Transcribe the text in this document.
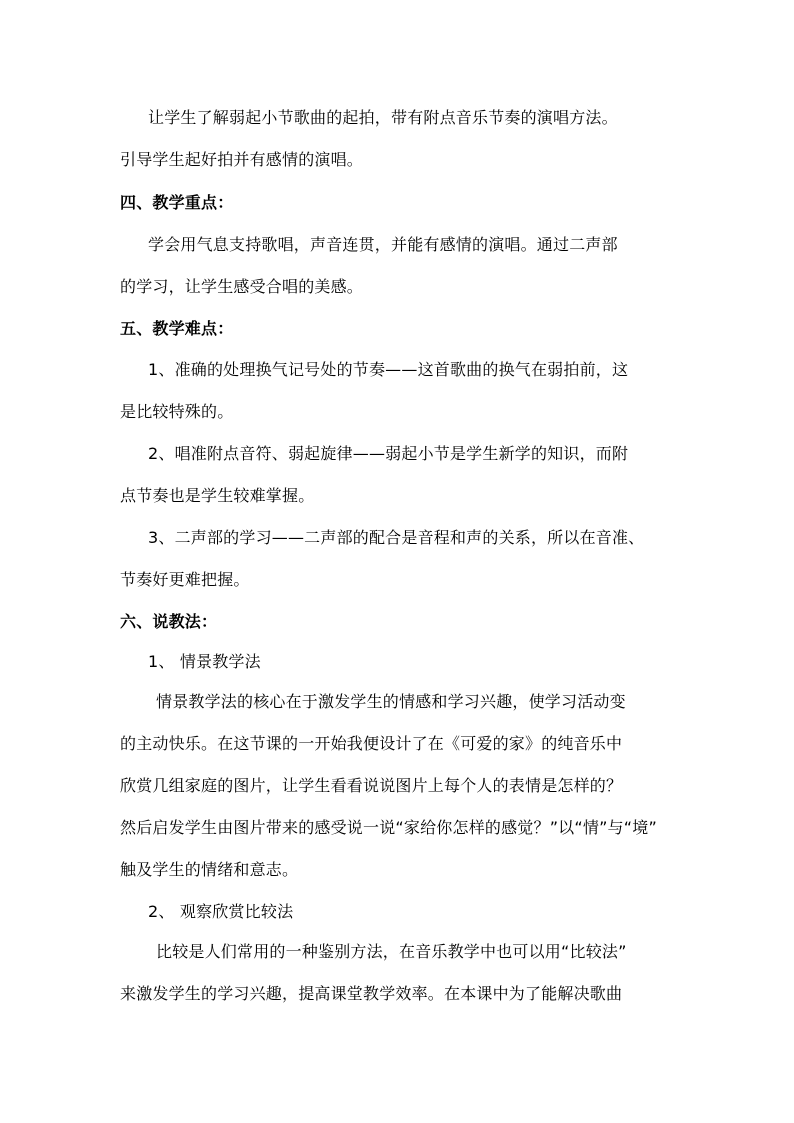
让学生了解弱起小节歌曲的起拍，带有附点音乐节奏的演唱方法。
引导学生起好拍并有感情的演唱。
四、教学重点：
学会用气息支持歌唱，声音连贯，并能有感情的演唱。通过二声部
的学习，让学生感受合唱的美感。
五、教学难点：
1、准确的处理换气记号处的节奏——这首歌曲的换气在弱拍前，这
是比较特殊的。
2、唱准附点音符、弱起旋律——弱起小节是学生新学的知识，而附
点节奏也是学生较难掌握。
3、二声部的学习——二声部的配合是音程和声的关系，所以在音准、
节奏好更难把握。
六、说教法：
1、 情景教学法
情景教学法的核心在于激发学生的情感和学习兴趣，使学习活动变
的主动快乐。在这节课的一开始我便设计了在《可爱的家》的纯音乐中
欣赏几组家庭的图片，让学生看看说说图片上每个人的表情是怎样的？
然后启发学生由图片带来的感受说一说“家给你怎样的感觉？”以“情”与“境”
触及学生的情绪和意志。
2、 观察欣赏比较法
比较是人们常用的一种鉴别方法，在音乐教学中也可以用“比较法”
来激发学生的学习兴趣，提高课堂教学效率。在本课中为了能解决歌曲
